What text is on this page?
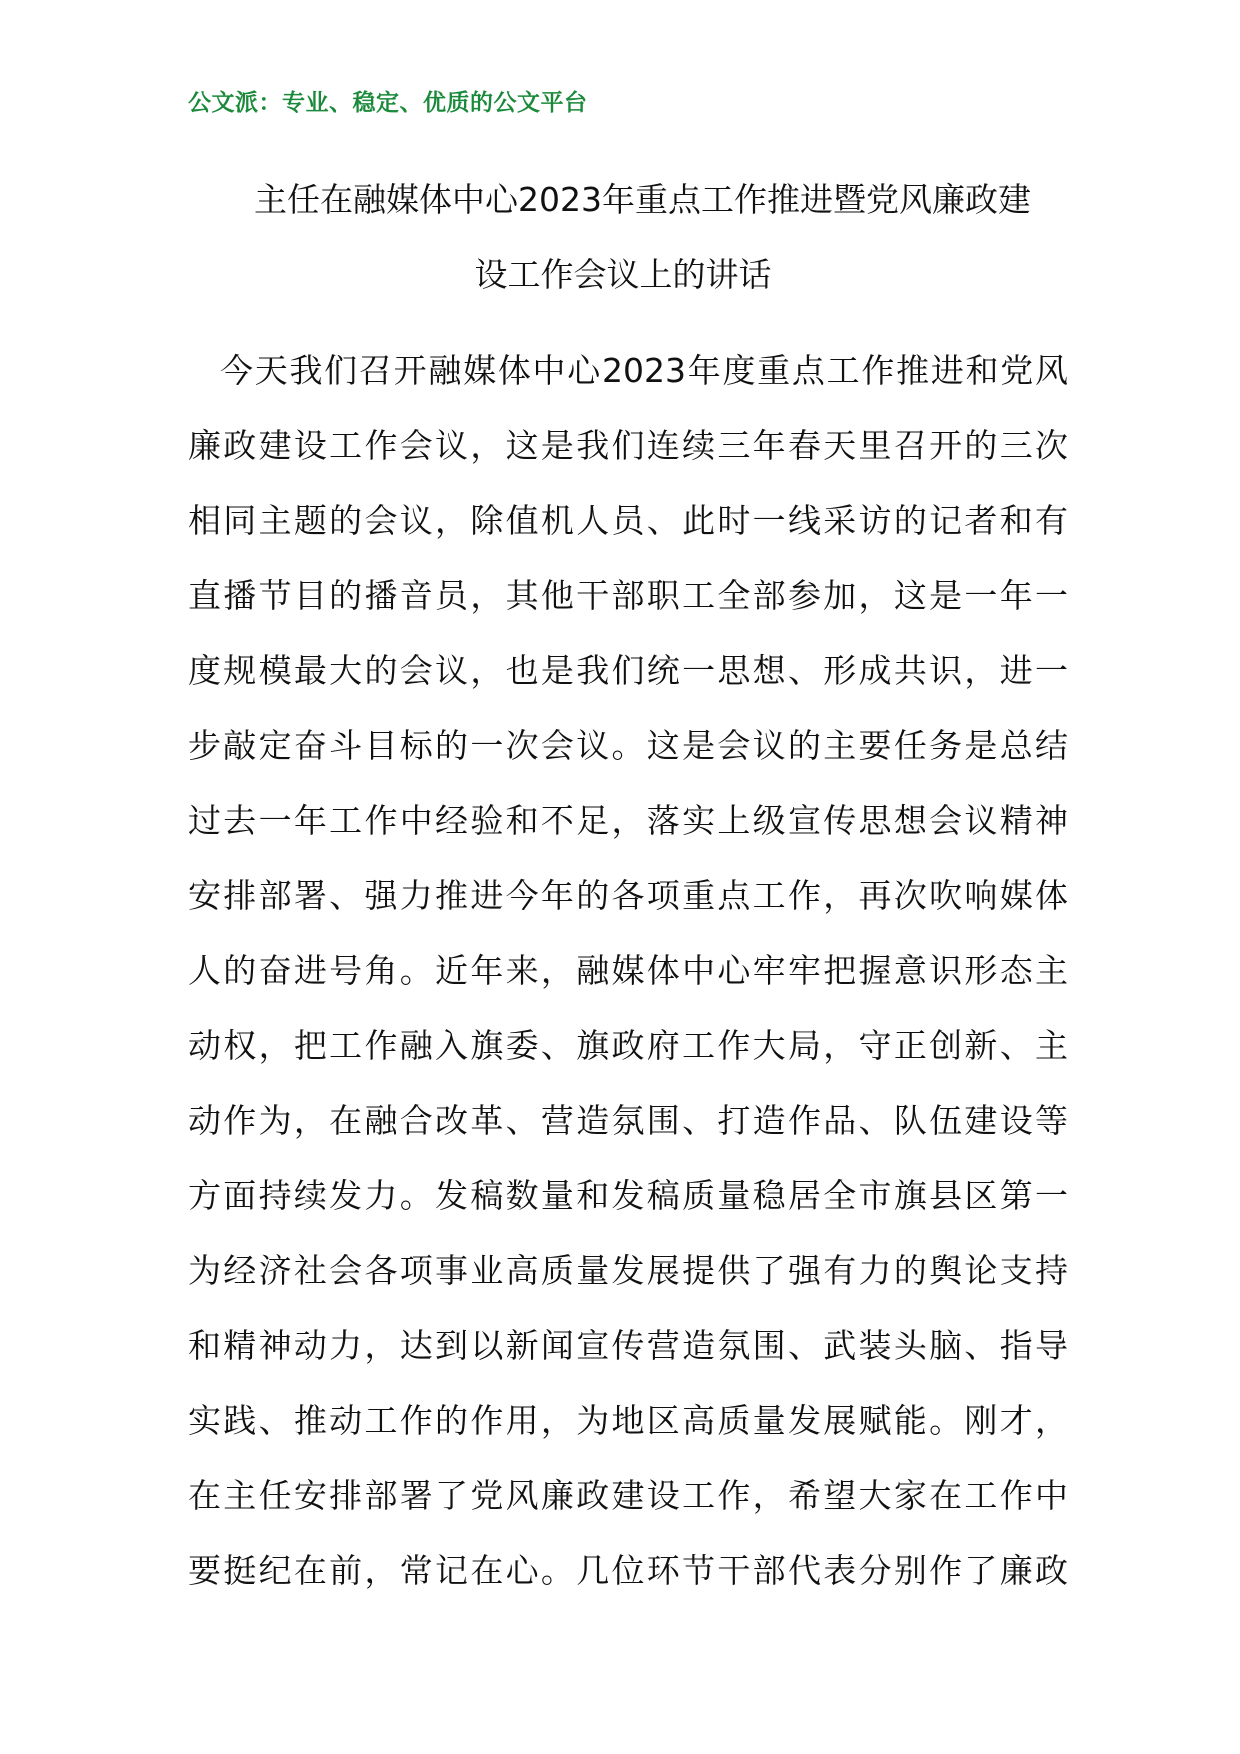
公文派：专业、稳定、优质的公文平台
主任在融媒体中心2023年重点工作推进暨党风廉政建
设工作会议上的讲话
今天我们召开融媒体中心2023年度重点工作推进和党风
廉政建设工作会议，这是我们连续三年春天里召开的三次
相同主题的会议，除值机人员、此时一线采访的记者和有
直播节目的播音员，其他干部职工全部参加，这是一年一
度规模最大的会议，也是我们统一思想、形成共识，进一
步敲定奋斗目标的一次会议。这是会议的主要任务是总结
过去一年工作中经验和不足，落实上级宣传思想会议精神
安排部署、强力推进今年的各项重点工作，再次吹响媒体
人的奋进号角。近年来，融媒体中心牢牢把握意识形态主
动权，把工作融入旗委、旗政府工作大局，守正创新、主
动作为，在融合改革、营造氛围、打造作品、队伍建设等
方面持续发力。发稿数量和发稿质量稳居全市旗县区第一
为经济社会各项事业高质量发展提供了强有力的舆论支持
和精神动力，达到以新闻宣传营造氛围、武装头脑、指导
实践、推动工作的作用，为地区高质量发展赋能。刚才，
在主任安排部署了党风廉政建设工作，希望大家在工作中
要挺纪在前，常记在心。几位环节干部代表分别作了廉政
